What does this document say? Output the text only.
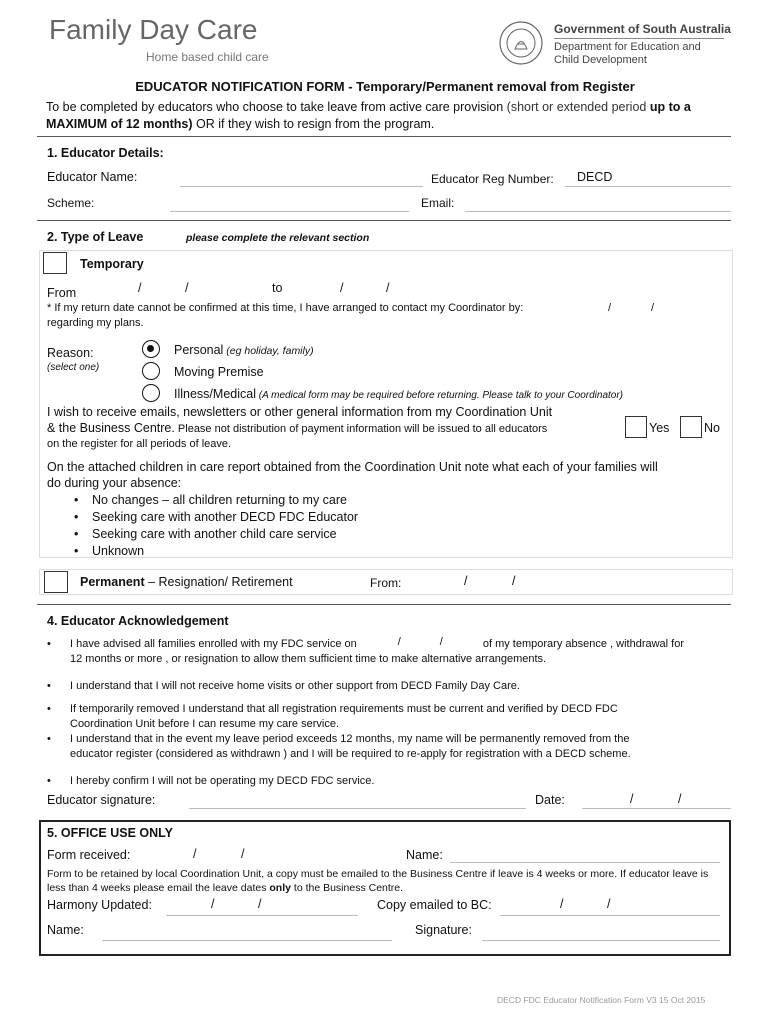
Family Day Care
Home based child care
Government of South Australia
Department for Education and
Child Development
EDUCATOR NOTIFICATION FORM - Temporary/Permanent removal from Register
To be completed by educators who choose to take leave from active care provision (short or extended period up to a MAXIMUM of 12 months) OR if they wish to resign from the program.
1. Educator Details:
Educator Name:	Educator Reg Number: DECD
Scheme:	Email:
2. Type of Leave	please complete the relevant section
Temporary
From	/	/	to	/	/
* If my return date cannot be confirmed at this time, I have arranged to contact my Coordinator by:	/	/
regarding my plans.
Reason:
(select one)
Personal (eg holiday, family)
Moving Premise
Illness/Medical (A medical form may be required before returning. Please talk to your Coordinator)
I wish to receive emails, newsletters or other general information from my Coordination Unit
& the Business Centre. Please not distribution of payment information will be issued to all educators
on the register for all periods of leave.
Yes	No
On the attached children in care report obtained from the Coordination Unit note what each of your families will
do during your absence:
• No changes – all children returning to my care
• Seeking care with another DECD FDC Educator
• Seeking care with another child care service
• Unknown
Permanent – Resignation/ Retirement	From:	/	/
4. Educator Acknowledgement
• I have advised all families enrolled with my FDC service on	/	/	of my temporary absence , withdrawal for
12 months or more , or resignation to allow them sufficient time to make alternative arrangements.
• I understand that I will not receive home visits or other support from DECD Family Day Care.
• If temporarily removed I understand that all registration requirements must be current and verified by DECD FDC
Coordination Unit before I can resume my care service.
• I understand that in the event my leave period exceeds 12 months, my name will be permanently removed from the
educator register (considered as withdrawn ) and I will be required to re-apply for registration with a DECD scheme.
• I hereby confirm I will not be operating my DECD FDC service.
Educator signature:	Date:	/	/
5. OFFICE USE ONLY
Form received:	/	/	Name:
Form to be retained by local Coordination Unit, a copy must be emailed to the Business Centre if leave is 4 weeks or more. If educator leave is
less than 4 weeks please email the leave dates only to the Business Centre.
Harmony Updated:	/	/	Copy emailed to BC:	/	/
Name:	Signature:
DECD FDC Educator Notification Form V3 15 Oct 2015
